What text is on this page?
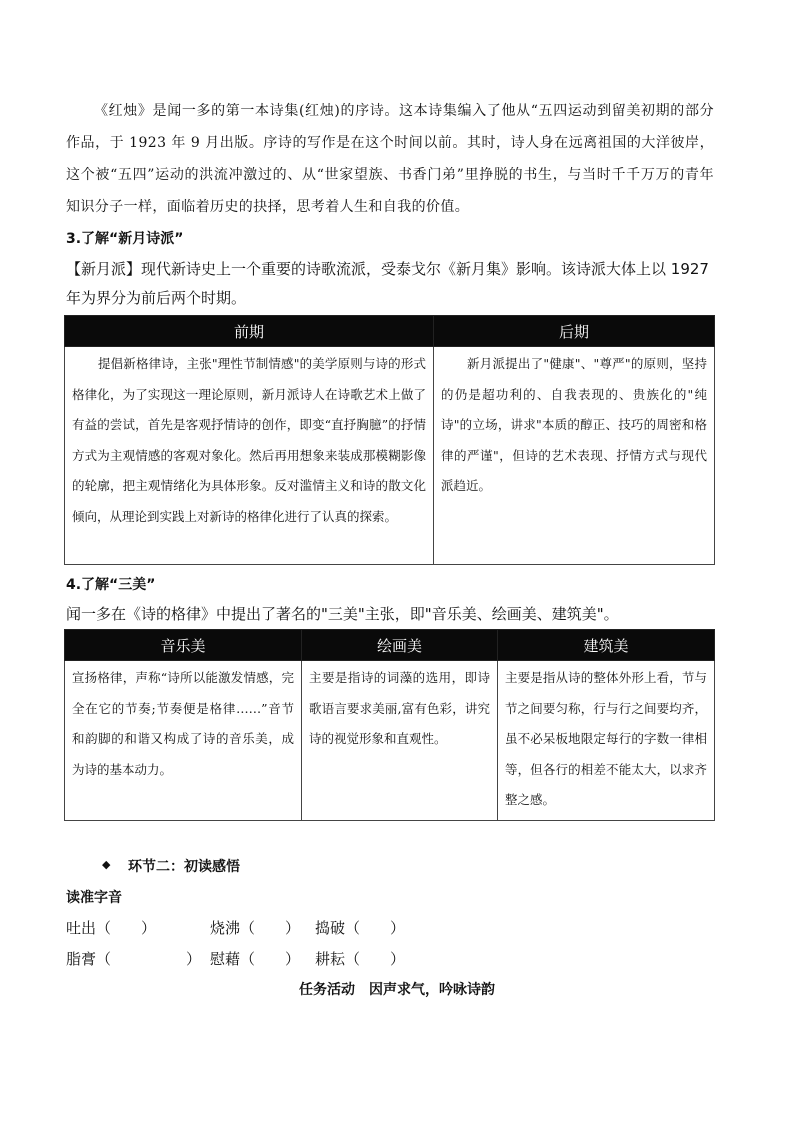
《红烛》是闻一多的第一本诗集(红烛)的序诗。这本诗集编入了他从“五四运动到留美初期的部分作品，于 1923 年 9 月出版。序诗的写作是在这个时间以前。其时，诗人身在远离祖国的大洋彼岸，这个被“五四”运动的洪流冲激过的、从“世家望族、书香门弟”里挣脱的书生，与当时千千万万的青年知识分子一样，面临着历史的抉择，思考着人生和自我的价值。
3.了解“新月诗派”
【新月派】现代新诗史上一个重要的诗歌流派，受泰戈尔《新月集》影响。该诗派大体上以 1927 年为界分为前后两个时期。
前期	后期
提倡新格律诗，主张"理性节制情感"的美学原则与诗的形式格律化，为了实现这一理论原则，新月派诗人在诗歌艺术上做了有益的尝试，首先是客观抒情诗的创作，即变“直抒胸臆”的抒情方式为主观情感的客观对象化。然后再用想象来装成那模糊影像的轮廓，把主观情绪化为具体形象。反对滥情主义和诗的散文化倾向，从理论到实践上对新诗的格律化进行了认真的探索。	新月派提出了"健康"、"尊严"的原则，坚持的仍是超功利的、自我表现的、贵族化的"纯诗"的立场，讲求"本质的醇正、技巧的周密和格律的严谨"，但诗的艺术表现、抒情方式与现代派趋近。
4.了解“三美”
闻一多在《诗的格律》中提出了著名的"三美"主张，即"音乐美、绘画美、建筑美"。
音乐美	绘画美	建筑美
宣扬格律，声称“诗所以能激发情感，完全在它的节奏;节奏便是格律……”音节和韵脚的和谐又构成了诗的音乐美，成为诗的基本动力。	主要是指诗的词藻的选用，即诗歌语言要求美丽,富有色彩，讲究诗的视觉形象和直观性。	主要是指从诗的整体外形上看，节与节之间要匀称，行与行之间要均齐，虽不必呆板地限定每行的字数一律相等，但各行的相差不能太大，以求齐整之感。
◆ 环节二：初读感悟
读准字音
吐出（　　）	烧沸（　　） 捣破（　　）
脂膏（　　　　　） 慰藉（　　） 耕耘（　　）
任务活动　因声求气，吟咏诗韵
